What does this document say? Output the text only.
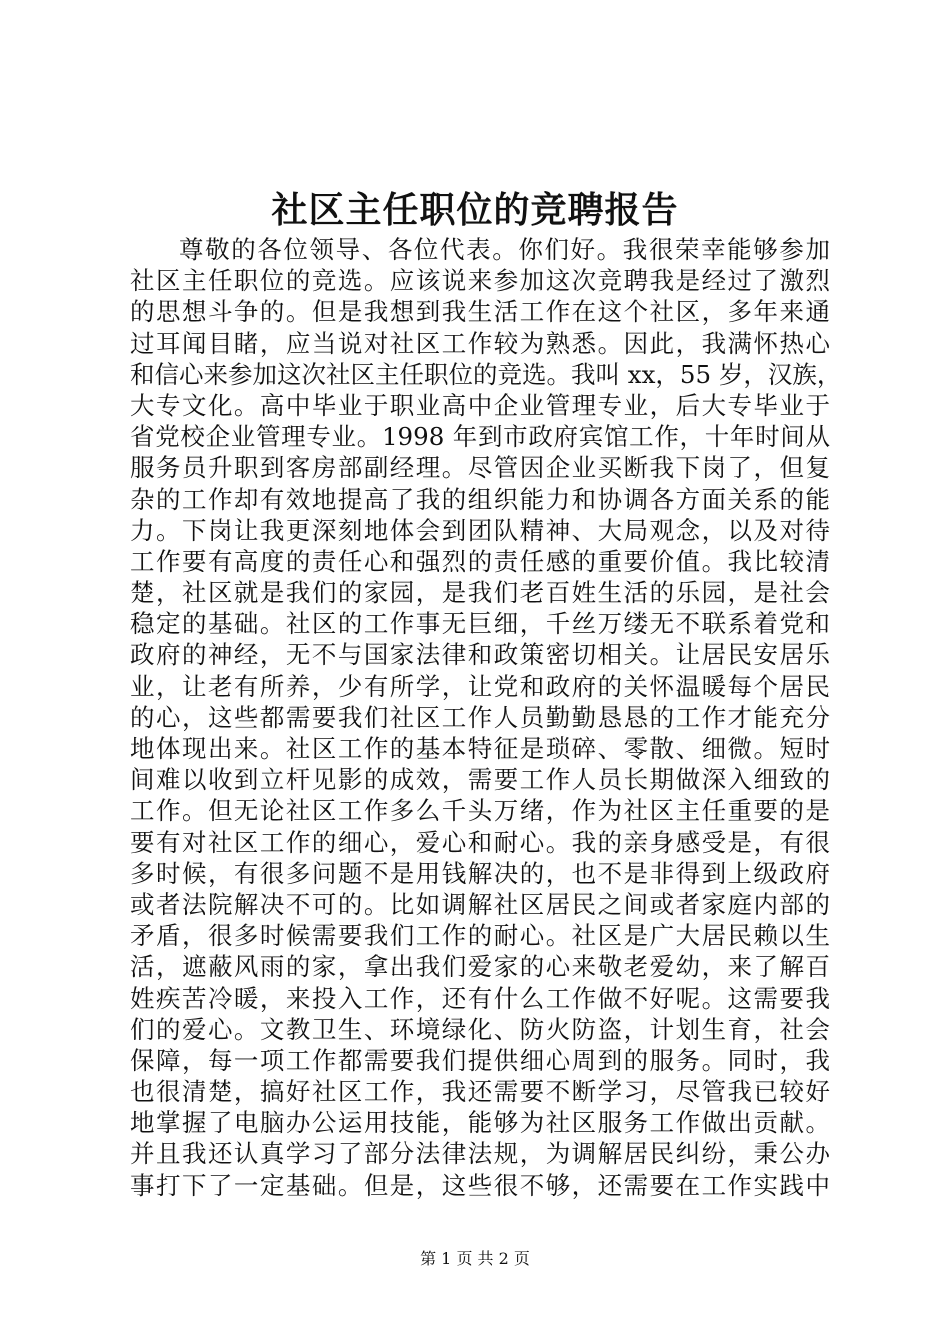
社区主任职位的竞聘报告
尊敬的各位领导、各位代表。你们好。我很荣幸能够参加
社区主任职位的竞选。应该说来参加这次竞聘我是经过了激烈
的思想斗争的。但是我想到我生活工作在这个社区，多年来通
过耳闻目睹，应当说对社区工作较为熟悉。因此，我满怀热心
和信心来参加这次社区主任职位的竞选。我叫 xx，55 岁，汉族，
大专文化。高中毕业于职业高中企业管理专业，后大专毕业于
省党校企业管理专业。1998 年到市政府宾馆工作，十年时间从
服务员升职到客房部副经理。尽管因企业买断我下岗了，但复
杂的工作却有效地提高了我的组织能力和协调各方面关系的能
力。下岗让我更深刻地体会到团队精神、大局观念，以及对待
工作要有高度的责任心和强烈的责任感的重要价值。我比较清
楚，社区就是我们的家园，是我们老百姓生活的乐园，是社会
稳定的基础。社区的工作事无巨细，千丝万缕无不联系着党和
政府的神经，无不与国家法律和政策密切相关。让居民安居乐
业，让老有所养，少有所学，让党和政府的关怀温暖每个居民
的心，这些都需要我们社区工作人员勤勤恳恳的工作才能充分
地体现出来。社区工作的基本特征是琐碎、零散、细微。短时
间难以收到立杆见影的成效，需要工作人员长期做深入细致的
工作。但无论社区工作多么千头万绪，作为社区主任重要的是
要有对社区工作的细心，爱心和耐心。我的亲身感受是，有很
多时候，有很多问题不是用钱解决的，也不是非得到上级政府
或者法院解决不可的。比如调解社区居民之间或者家庭内部的
矛盾，很多时候需要我们工作的耐心。社区是广大居民赖以生
活，遮蔽风雨的家，拿出我们爱家的心来敬老爱幼，来了解百
姓疾苦冷暖，来投入工作，还有什么工作做不好呢。这需要我
们的爱心。文教卫生、环境绿化、防火防盗，计划生育，社会
保障，每一项工作都需要我们提供细心周到的服务。同时，我
也很清楚，搞好社区工作，我还需要不断学习，尽管我已较好
地掌握了电脑办公运用技能，能够为社区服务工作做出贡献。
并且我还认真学习了部分法律法规，为调解居民纠纷，秉公办
事打下了一定基础。但是，这些很不够，还需要在工作实践中
第 1 页 共 2 页
